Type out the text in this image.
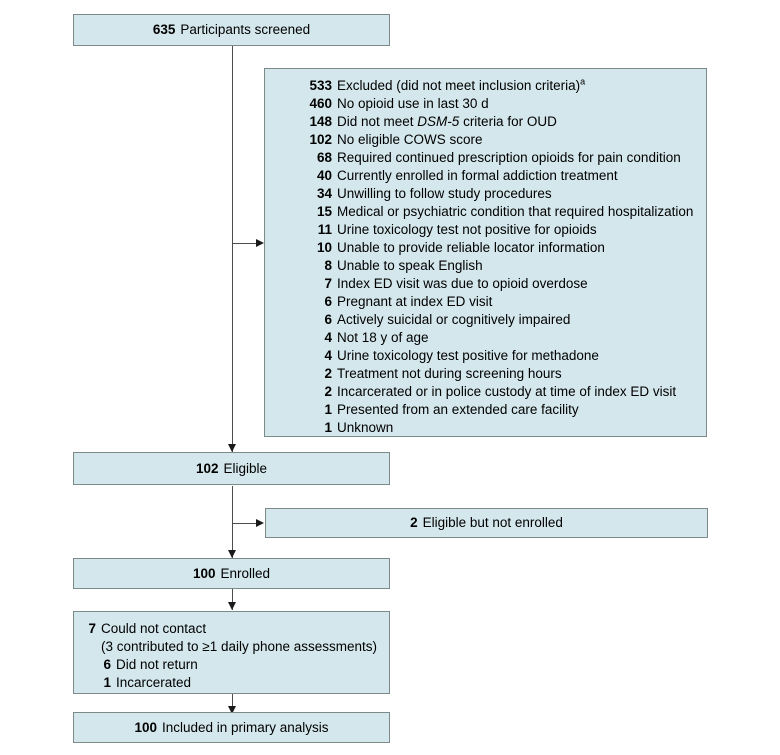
635 Participants screened
533 Excluded (did not meet inclusion criteria)$^a$
460 No opioid use in last 30 d
148 Did not meet DSM-5 criteria for OUD
102 No eligible COWS score
68 Required continued prescription opioids for pain condition
40 Currently enrolled in formal addiction treatment
34 Unwilling to follow study procedures
15 Medical or psychiatric condition that required hospitalization
11 Urine toxicology test not positive for opioids
10 Unable to provide reliable locator information
8 Unable to speak English
7 Index ED visit was due to opioid overdose
6 Pregnant at index ED visit
6 Actively suicidal or cognitively impaired
4 Not 18 y of age
4 Urine toxicology test positive for methadone
2 Treatment not during screening hours
2 Incarcerated or in police custody at time of index ED visit
1 Presented from an extended care facility
1 Unknown
102 Eligible
2 Eligible but not enrolled
100 Enrolled
7 Could not contact
(3 contributed to ≥1 daily phone assessments)
6 Did not return
1 Incarcerated
100 Included in primary analysis
